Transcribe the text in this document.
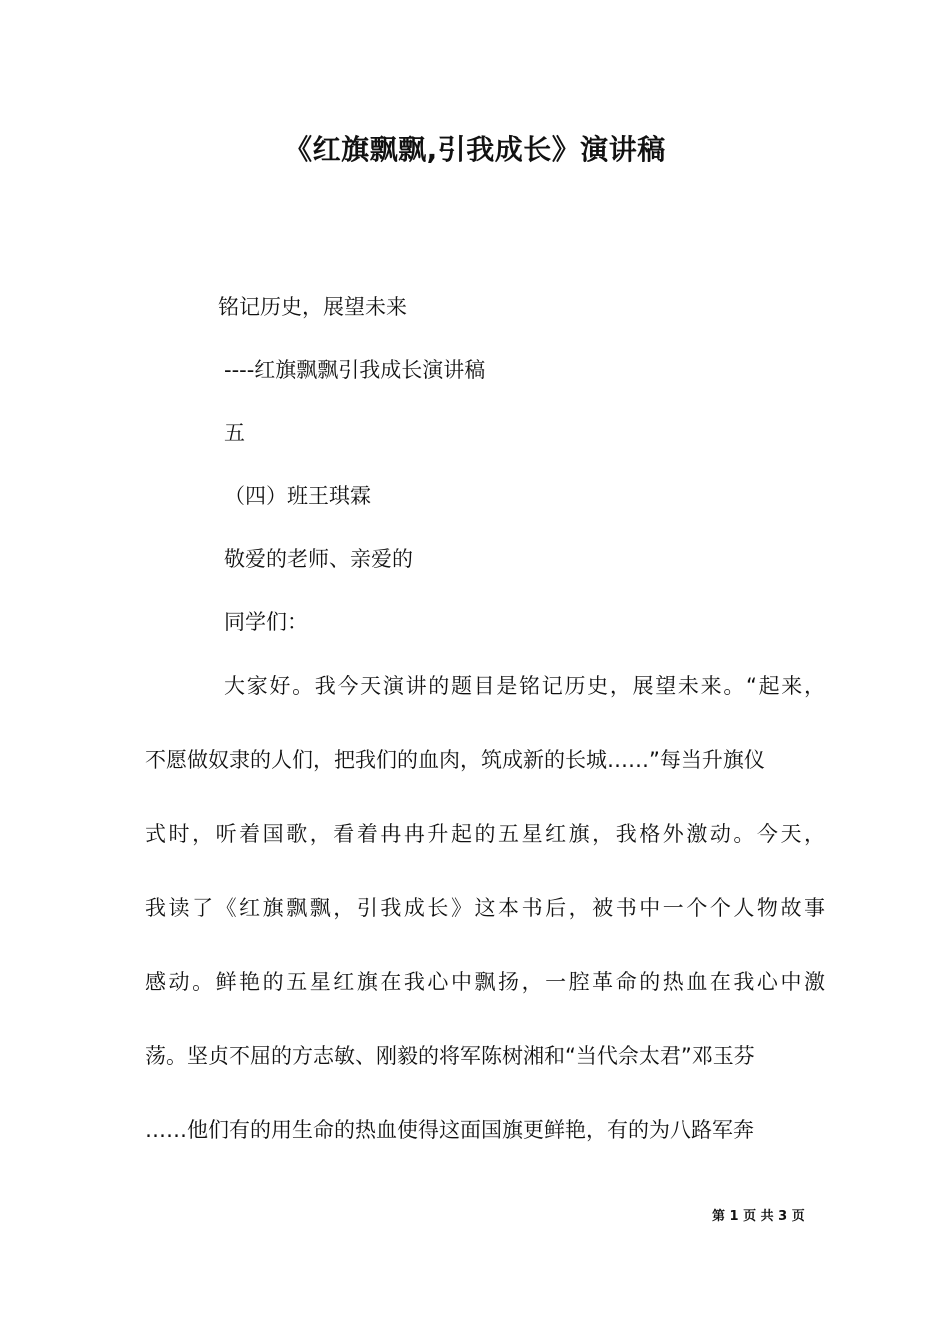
《红旗飘飘,引我成长》演讲稿
铭记历史，展望未来
----红旗飘飘引我成长演讲稿
五
（四）班王琪霖
敬爱的老师、亲爱的
同学们：
大家好。我今天演讲的题目是铭记历史，展望未来。“起来，
不愿做奴隶的人们，把我们的血肉，筑成新的长城……”每当升旗仪
式时，听着国歌，看着冉冉升起的五星红旗，我格外激动。今天，
我读了《红旗飘飘，引我成长》这本书后，被书中一个个人物故事
感动。鲜艳的五星红旗在我心中飘扬，一腔革命的热血在我心中激
荡。坚贞不屈的方志敏、刚毅的将军陈树湘和“当代佘太君”邓玉芬
……他们有的用生命的热血使得这面国旗更鲜艳，有的为八路军奔
第 1 页 共 3 页
